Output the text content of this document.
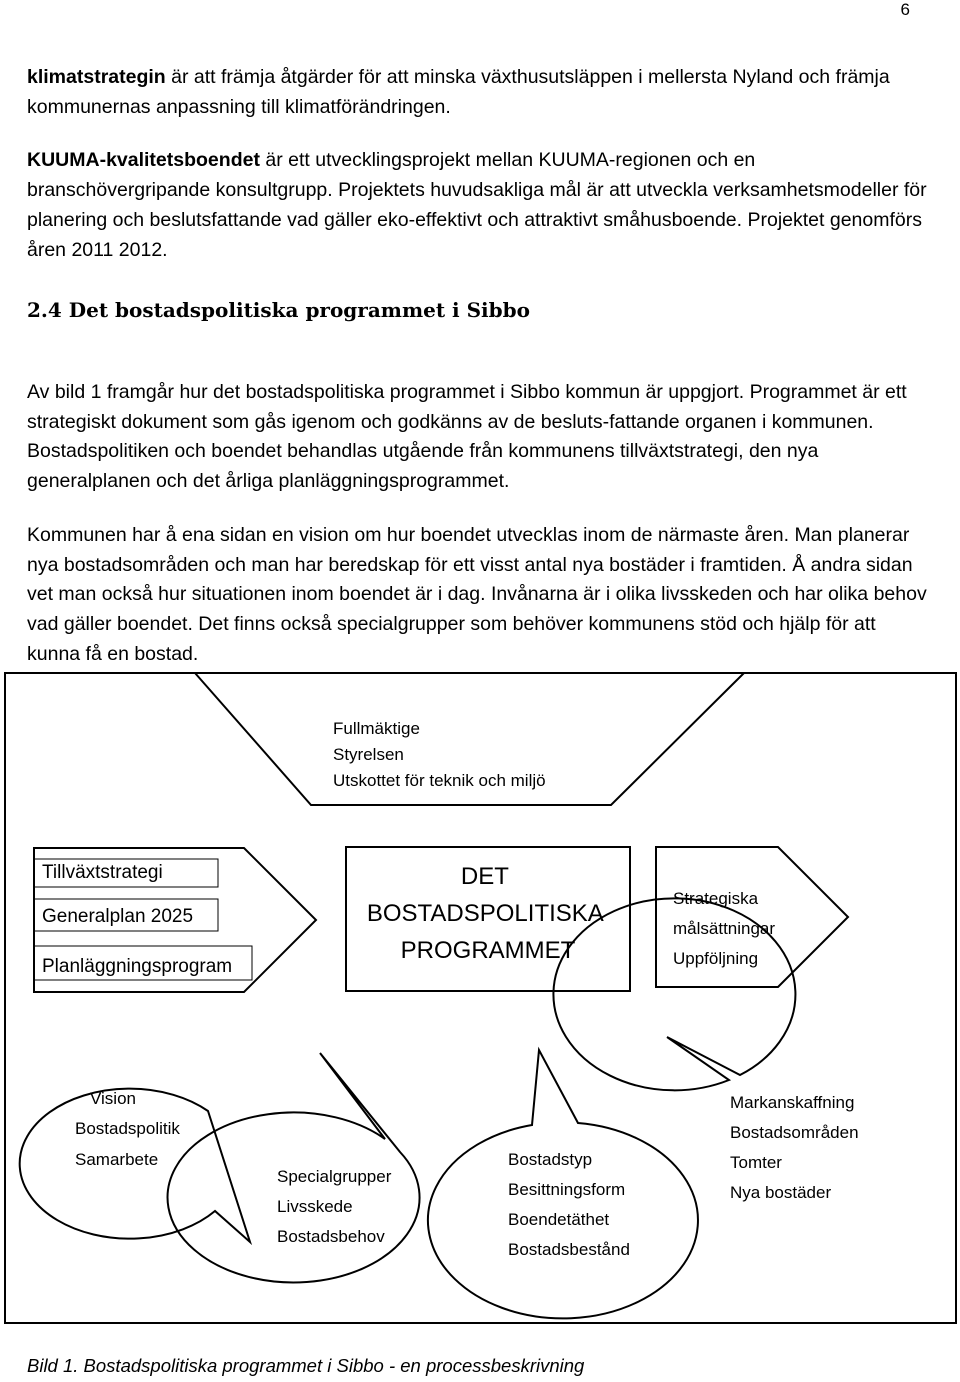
6

klimatstrategin är att främja åtgärder för att minska växthusutsläppen i mellersta Nyland och främja kommunernas anpassning till klimatförändringen.

KUUMA-kvalitetsboendet är ett utvecklingsprojekt mellan KUUMA-regionen och en branschövergripande konsultgrupp. Projektets huvudsakliga mål är att utveckla verksamhetsmodeller för planering och beslutsfattande vad gäller eko-effektivt och attraktivt småhusboende. Projektet genomförs åren 2011 2012.

2.4 Det bostadspolitiska programmet i Sibbo

Av bild 1 framgår hur det bostadspolitiska programmet i Sibbo kommun är uppgjort. Programmet är ett strategiskt dokument som gås igenom och godkänns av de besluts-fattande organen i kommunen. Bostadspolitiken och boendet behandlas utgående från kommunens tillväxtstrategi, den nya generalplanen och det årliga planläggningsprogrammet.

Kommunen har å ena sidan en vision om hur boendet utvecklas inom de närmaste åren. Man planerar nya bostadsområden och man har beredskap för ett visst antal nya bostäder i framtiden. Å andra sidan vet man också hur situationen inom boendet är i dag. Invånarna är i olika livsskeden och har olika behov vad gäller boendet. Det finns också specialgrupper som behöver kommunens stöd och hjälp för att kunna få en bostad.

Fullmäktige Styrelsen Utskottet för teknik och miljö
Tillväxtstrategi Generalplan 2025 Planläggningsprogram
DET BOSTADSPOLITISKA PROGRAMMET
Strategiska målsättningar Uppföljning
Vision Bostadspolitik Samarbete
Specialgrupper Livsskede Bostadsbehov
Bostadstyp Besittningsform Boendetäthet Bostadsbestånd
Markanskaffning Bostadsområden Tomter Nya bostäder
Bild 1. Bostadspolitiska programmet i Sibbo - en processbeskrivning
